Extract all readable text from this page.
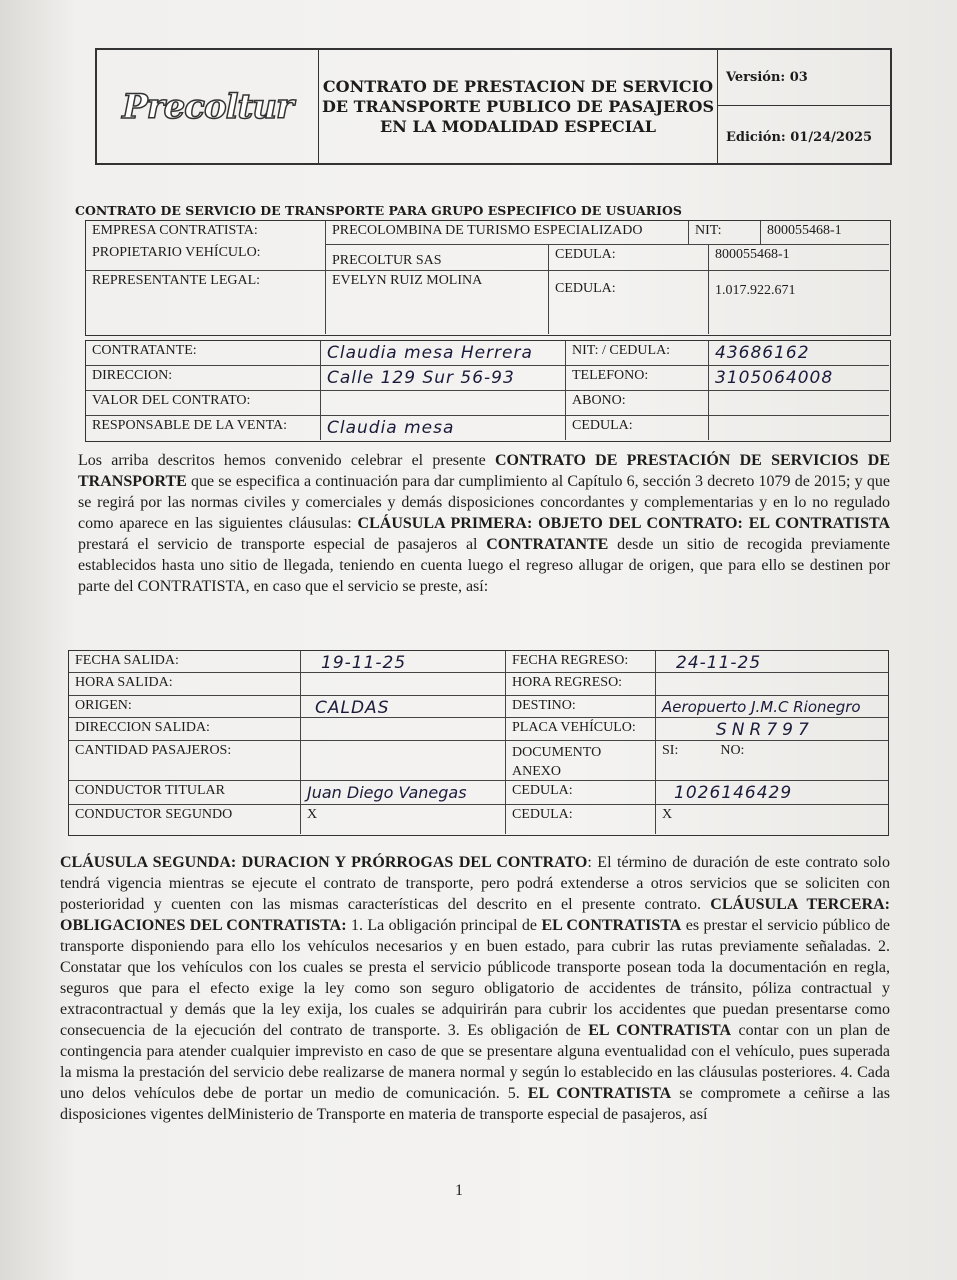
Precoltur
CONTRATO DE PRESTACION DE SERVICIO
DE TRANSPORTE PUBLICO DE PASAJEROS
EN LA MODALIDAD ESPECIAL
Versión: 03
Edición: 01/24/2025
CONTRATO DE SERVICIO DE TRANSPORTE PARA GRUPO ESPECIFICO DE USUARIOS
EMPRESA CONTRATISTA:	PRECOLOMBINA DE TURISMO ESPECIALIZADO	NIT:	800055468-1
PROPIETARIO VEHÍCULO:
PRECOLTUR SAS	CEDULA:	800055468-1
REPRESENTANTE LEGAL:	EVELYN RUIZ MOLINA
CEDULA:	1.017.922.671
CONTRATANTE:	Claudia mesa Herrera	NIT: / CEDULA:	43686162
DIRECCION:	Calle 129 Sur 56-93	TELEFONO:	3105064008
VALOR DEL CONTRATO:	ABONO:
RESPONSABLE DE LA VENTA:	Claudia mesa	CEDULA:
Los arriba descritos hemos convenido celebrar el presente CONTRATO DE PRESTACIÓN DE SERVICIOS DE TRANSPORTE que se especifica a continuación para dar cumplimiento al Capítulo 6, sección 3 decreto 1079 de 2015; y que se regirá por las normas civiles y comerciales y demás disposiciones concordantes y complementarias y en lo no regulado como aparece en las siguientes cláusulas: CLÁUSULA PRIMERA: OBJETO DEL CONTRATO: EL CONTRATISTA prestará el servicio de transporte especial de pasajeros al CONTRATANTE desde un sitio de recogida previamente establecidos hasta uno sitio de llegada, teniendo en cuenta luego el regreso allugar de origen, que para ello se destinen por parte del CONTRATISTA, en caso que el servicio se preste, así:
FECHA SALIDA:	19-11-25	FECHA REGRESO:	24-11-25
HORA SALIDA:	HORA REGRESO:
ORIGEN:	CALDAS	DESTINO:	Aeropuerto J.M.C Rionegro
DIRECCION SALIDA:	PLACA VEHÍCULO:	SNR797
CANTIDAD PASAJEROS:	DOCUMENTO ANEXO
SI:            NO:
CONDUCTOR TITULAR	Juan Diego Vanegas	CEDULA:	1026146429
CONDUCTOR SEGUNDO	X	CEDULA:	X
CLÁUSULA SEGUNDA: DURACION Y PRÓRROGAS DEL CONTRATO: El término de duración de este contrato solo tendrá vigencia mientras se ejecute el contrato de transporte, pero podrá extenderse a otros servicios que se soliciten con posterioridad y cuenten con las mismas características del descrito en el presente contrato. CLÁUSULA TERCERA: OBLIGACIONES DEL CONTRATISTA: 1. La obligación principal de EL CONTRATISTA es prestar el servicio público de transporte disponiendo para ello los vehículos necesarios y en buen estado, para cubrir las rutas previamente señaladas. 2. Constatar que los vehículos con los cuales se presta el servicio públicode transporte posean toda la documentación en regla, seguros que para el efecto exige la ley como son seguro obligatorio de accidentes de tránsito, póliza contractual y extracontractual y demás que la ley exija, los cuales se adquirirán para cubrir los accidentes que puedan presentarse como consecuencia de la ejecución del contrato de transporte. 3. Es obligación de EL CONTRATISTA contar con un plan de contingencia para atender cualquier imprevisto en caso de que se presentare alguna eventualidad con el vehículo, pues superada la misma la prestación del servicio debe realizarse de manera normal y según lo establecido en las cláusulas posteriores. 4. Cada uno delos vehículos debe de portar un medio de comunicación. 5. EL CONTRATISTA se compromete a ceñirse a las disposiciones vigentes delMinisterio de Transporte en materia de transporte especial de pasajeros, así
1
